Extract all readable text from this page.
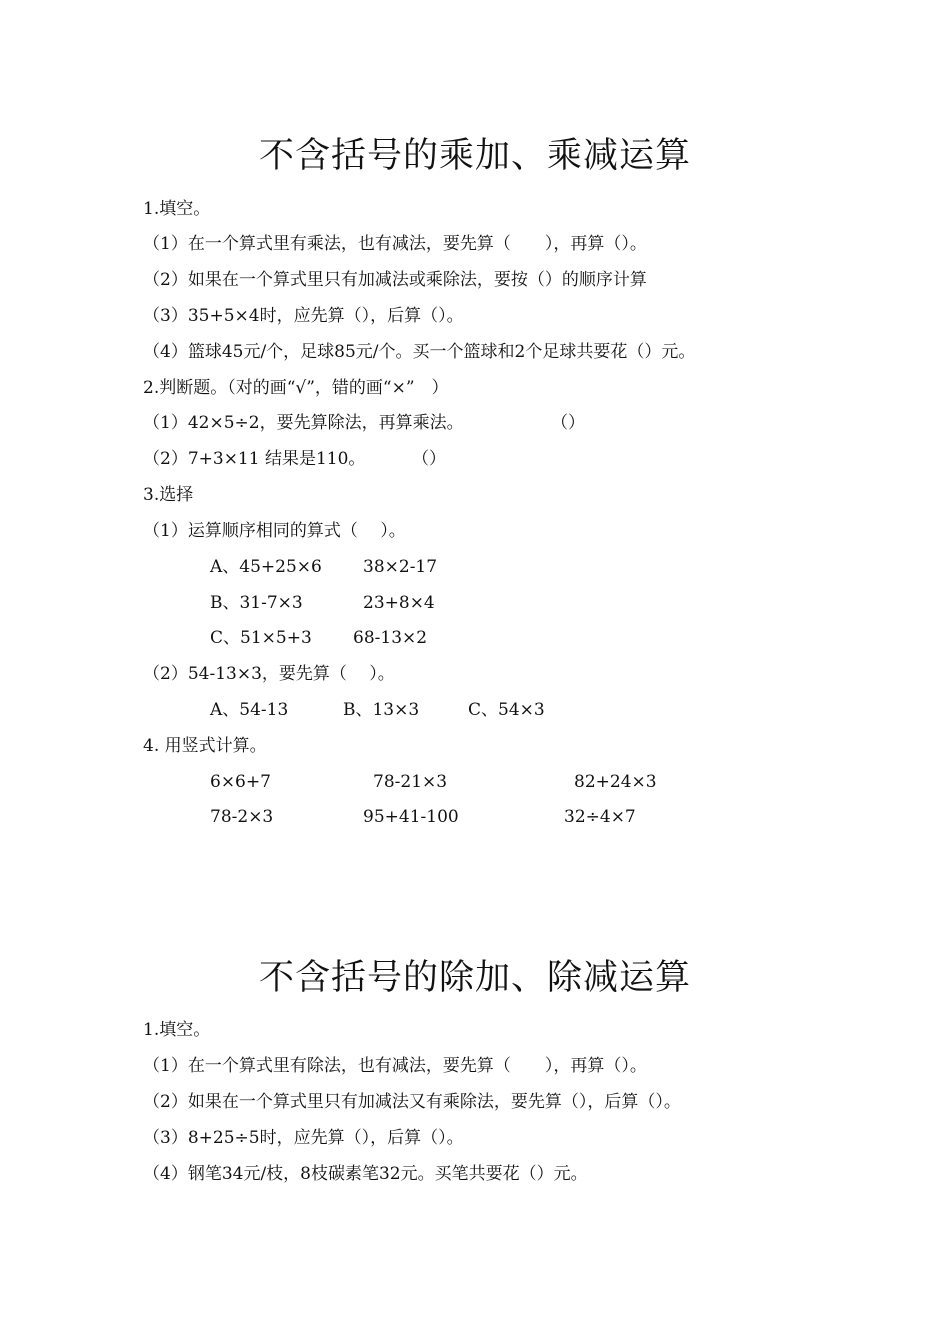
不含括号的乘加、乘减运算
1.填空。
（1）在一个算式里有乘法，也有减法，要先算（　　），再算（）。
（2）如果在一个算式里只有加减法或乘除法，要按（）的顺序计算
（3）35+5×4时，应先算（），后算（）。
（4）篮球45元/个，足球85元/个。买一个篮球和2个足球共要花（）元。
2.判断题。（对的画“√”，错的画“×”　）
（1）42×5÷2，要先算除法，再算乘法。	（）
（2）7+3×11 结果是110。	（）
3.选择
（1）运算顺序相同的算式（　 ）。
A、45+25×6 38×2-17
B、31-7×3	23+8×4
C、51×5+3 68-13×2
（2）54-13×3，要先算（　 ）。
A、54-13	B、13×3	C、54×3
4. 用竖式计算。
6×6+7	78-21×3	82+24×3
78-2×3	95+41-100	32÷4×7
不含括号的除加、除减运算
1.填空。
（1）在一个算式里有除法，也有减法，要先算（　　），再算（）。
（2）如果在一个算式里只有加减法又有乘除法，要先算（），后算（）。
（3）8+25÷5时，应先算（），后算（）。
（4）钢笔34元/枝，8枝碳素笔32元。买笔共要花（）元。
